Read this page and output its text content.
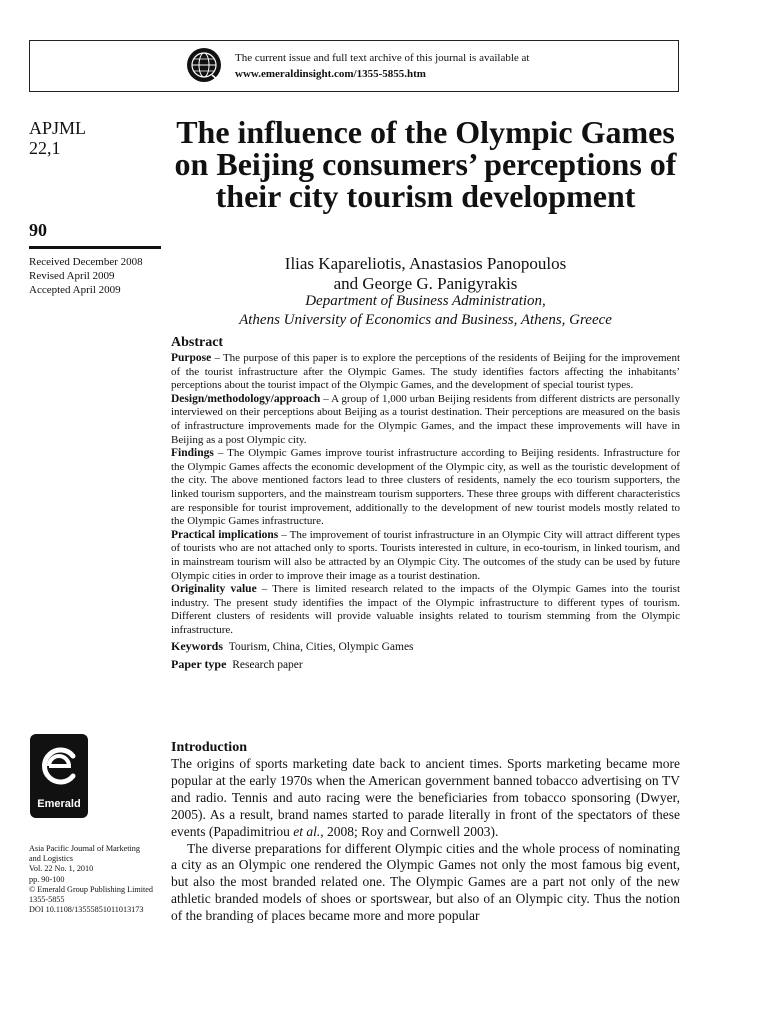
The current issue and full text archive of this journal is available at
www.emeraldinsight.com/1355-5855.htm
APJML
22,1
90
Received December 2008
Revised April 2009
Accepted April 2009
Emerald
Asia Pacific Journal of Marketing
and Logistics
Vol. 22 No. 1, 2010
pp. 90-100
© Emerald Group Publishing Limited
1355-5855
DOI 10.1108/13555851011013173
The influence of the Olympic Games on Beijing consumers’ perceptions of their city tourism development
Ilias Kapareliotis, Anastasios Panopoulos
and George G. Panigyrakis
Department of Business Administration,
Athens University of Economics and Business, Athens, Greece
Abstract

Purpose – The purpose of this paper is to explore the perceptions of the residents of Beijing for the improvement of the tourist infrastructure after the Olympic Games. The study identifies factors affecting the inhabitants’ perceptions about the tourist impact of the Olympic Games, and the development of special tourist types.

Design/methodology/approach – A group of 1,000 urban Beijing residents from different districts are personally interviewed on their perceptions about Beijing as a tourist destination. Their perceptions are measured on the basis of infrastructure improvements made for the Olympic Games, and the impact these improvements will have in Beijing as a post Olympic city.

Findings – The Olympic Games improve tourist infrastructure according to Beijing residents. Infrastructure for the Olympic Games affects the economic development of the Olympic city, as well as the touristic development of the city. The above mentioned factors lead to three clusters of residents, namely the eco tourism supporters, the linked tourism supporters, and the mainstream tourism supporters. These three groups with different characteristics are responsible for tourist improvement, additionally to the development of new tourist models mostly related to the Olympic Games infrastructure.

Practical implications – The improvement of tourist infrastructure in an Olympic City will attract different types of tourists who are not attached only to sports. Tourists interested in culture, in eco-tourism, in linked tourism, and in mainstream tourism will also be attracted by an Olympic City. The outcomes of the study can be used by future Olympic cities in order to improve their image as a tourist destination.

Originality value – There is limited research related to the impacts of the Olympic Games into the tourist industry. The present study identifies the impact of the Olympic infrastructure to different types of tourism. Different clusters of residents will provide valuable insights related to tourism stemming from the Olympic infrastructure.

Keywords Tourism, China, Cities, Olympic Games
Paper type Research paper
Introduction

The origins of sports marketing date back to ancient times. Sports marketing became more popular at the early 1970s when the American government banned tobacco advertising on TV and radio. Tennis and auto racing were the beneficiaries from tobacco sponsoring (Dwyer, 2005). As a result, brand names started to parade literally in front of the spectators of these events (Papadimitriou et al., 2008; Roy and Cornwell 2003).

The diverse preparations for different Olympic cities and the whole process of nominating a city as an Olympic one rendered the Olympic Games not only the most famous big event, but also the most branded related one. The Olympic Games are a part not only of the new athletic branded models of shoes or sportswear, but also of an Olympic city. Thus the notion of the branding of places became more and more popular
